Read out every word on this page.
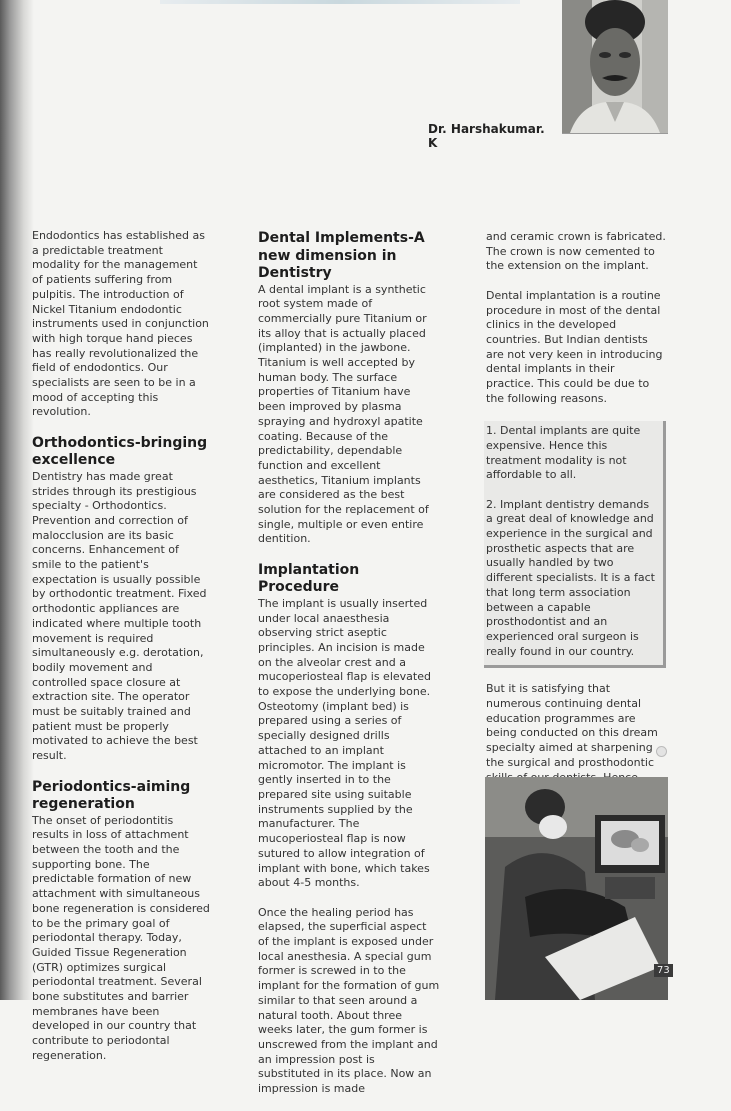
Dr. Harshakumar. K

Endodontics has established as a predictable treatment modality for the management of patients suffering from pulpitis. The introduction of Nickel Titanium endodontic instruments used in conjunction with high torque hand pieces has really revolutionalized the field of endodontics. Our specialists are seen to be in a mood of accepting this revolution.

Orthodontics-bringing excellence

Dentistry has made great strides through its prestigious specialty - Orthodontics. Prevention and correction of malocclusion are its basic concerns. Enhancement of smile to the patient's expectation is usually possible by orthodontic treatment. Fixed orthodontic appliances are indicated where multiple tooth movement is required simultaneously e.g. derotation, bodily movement and controlled space closure at extraction site. The operator must be suitably trained and patient must be properly motivated to achieve the best result.

Periodontics-aiming regeneration

The onset of periodontitis results in loss of attachment between the tooth and the supporting bone. The predictable formation of new attachment with simultaneous bone regeneration is considered to be the primary goal of periodontal therapy. Today, Guided Tissue Regeneration (GTR) optimizes surgical periodontal treatment. Several bone substitutes and barrier membranes have been developed in our country that contribute to periodontal regeneration.

Dental Implements-A new dimension in Dentistry

A dental implant is a synthetic root system made of commercially pure Titanium or its alloy that is actually placed (implanted) in the jawbone. Titanium is well accepted by human body. The surface properties of Titanium have been improved by plasma spraying and hydroxyl apatite coating. Because of the predictability, dependable function and excellent aesthetics, Titanium implants are considered as the best solution for the replacement of single, multiple or even entire dentition.

Implantation Procedure

The implant is usually inserted under local anaesthesia observing strict aseptic principles. An incision is made on the alveolar crest and a mucoperiosteal flap is elevated to expose the underlying bone. Osteotomy (implant bed) is prepared using a series of specially designed drills attached to an implant micromotor. The implant is gently inserted in to the prepared site using suitable instruments supplied by the manufacturer. The mucoperiosteal flap is now sutured to allow integration of implant with bone, which takes about 4-5 months.

Once the healing period has elapsed, the superficial aspect of the implant is exposed under local anesthesia. A special gum former is screwed in to the implant for the formation of gum similar to that seen around a natural tooth. About three weeks later, the gum former is unscrewed from the implant and an impression post is substituted in its place. Now an impression is made

and ceramic crown is fabricated. The crown is now cemented to the extension on the implant.

Dental implantation is a routine procedure in most of the dental clinics in the developed countries. But Indian dentists are not very keen in introducing dental implants in their practice. This could be due to the following reasons.

1. Dental implants are quite expensive. Hence this treatment modality is not affordable to all.

2. Implant dentistry demands a great deal of knowledge and experience in the surgical and prosthetic aspects that are usually handled by two different specialists. It is a fact that long term association between a capable prosthodontist and an experienced oral surgeon is really found in our country.

But it is satisfying that numerous continuing dental education programmes are being conducted on this dream specialty aimed at sharpening the surgical and prosthodontic

73
